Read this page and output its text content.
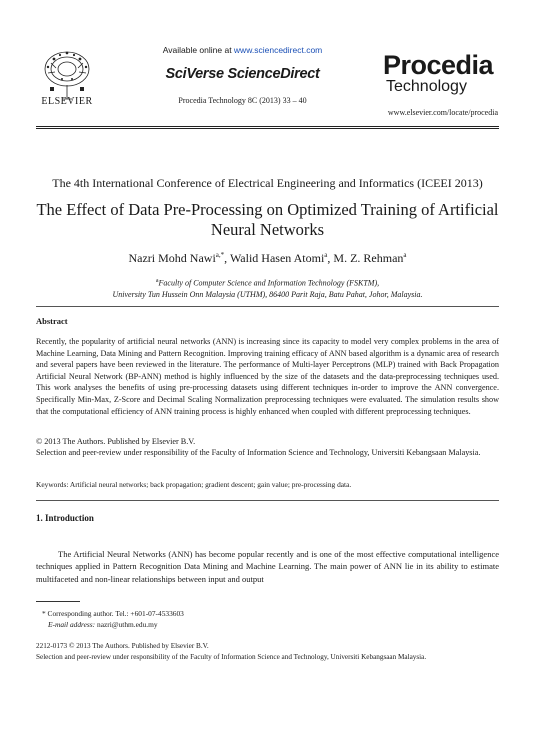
ELSEVIER
Available online at www.sciencedirect.com
SciVerse ScienceDirect
Procedia Technology 8C (2013) 33 – 40
Procedia
Technology
www.elsevier.com/locate/procedia
The 4th International Conference of Electrical Engineering and Informatics (ICEEI 2013)
The Effect of Data Pre-Processing on Optimized Training of Artificial Neural Networks
Nazri Mohd Nawi$^{a,*}$, Walid Hasen Atomi$^a$, M. Z. Rehman$^a$
$^a$Faculty of Computer Science and Information Technology (FSKTM),
University Tun Hussein Onn Malaysia (UTHM), 86400 Parit Raja, Batu Pahat, Johor, Malaysia.
Abstract
Recently, the popularity of artificial neural networks (ANN) is increasing since its capacity to model very complex problems in the area of Machine Learning, Data Mining and Pattern Recognition. Improving training efficacy of ANN based algorithm is a dynamic area of research and several papers have been reviewed in the literature. The performance of Multi-layer Perceptrons (MLP) trained with Back Propagation Artificial Neural Network (BP-ANN) method is highly influenced by the size of the datasets and the data-preprocessing techniques used. This work analyses the benefits of using pre-processing datasets using different techniques in-order to improve the ANN convergence. Specifically Min-Max, Z-Score and Decimal Scaling Normalization preprocessing techniques were evaluated. The simulation results show that the computational efficiency of ANN training process is highly enhanced when coupled with different preprocessing techniques.
© 2013 The Authors. Published by Elsevier B.V.
Selection and peer-review under responsibility of the Faculty of Information Science and Technology, Universiti Kebangsaan Malaysia.
Keywords: Artificial neural networks; back propagation; gradient descent; gain value; pre-processing data.
1. Introduction
The Artificial Neural Networks (ANN) has become popular recently and is one of the most effective computational intelligence techniques applied in Pattern Recognition Data Mining and Machine Learning. The main power of ANN lie in its ability to estimate multifaceted and non-linear relationships between input and output
* Corresponding author. Tel.: +601-07-4533603
E-mail address: nazri@uthm.edu.my
2212-0173 © 2013 The Authors. Published by Elsevier B.V.
Selection and peer-review under responsibility of the Faculty of Information Science and Technology, Universiti Kebangsaan Malaysia.
